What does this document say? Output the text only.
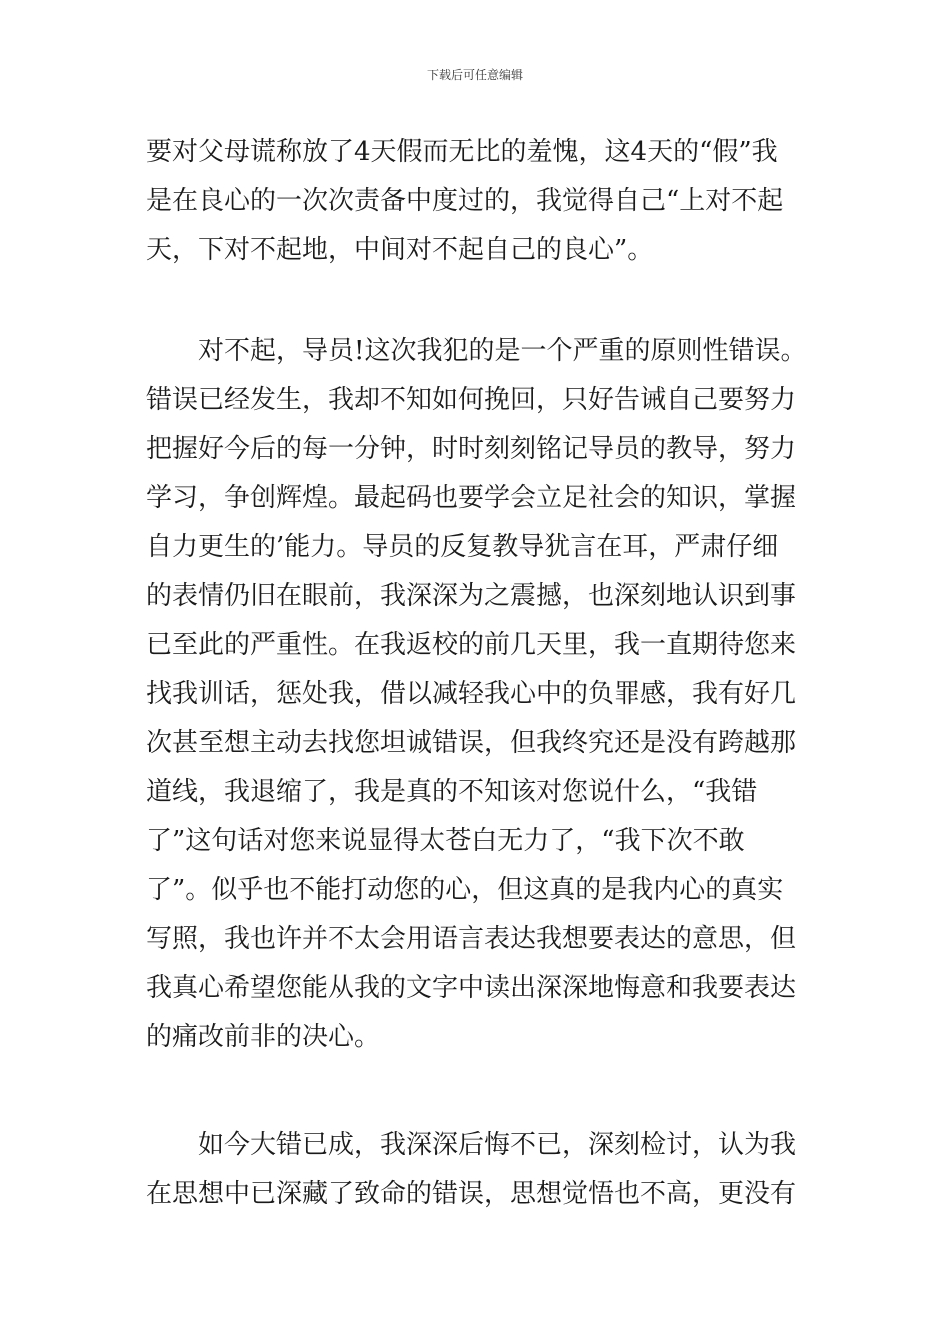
下载后可任意编辑
要对父母谎称放了4天假而无比的羞愧，这4天的“假”我
是在良心的一次次责备中度过的，我觉得自己“上对不起
天，下对不起地，中间对不起自己的良心”。
　　对不起，导员!这次我犯的是一个严重的原则性错误。
错误已经发生，我却不知如何挽回，只好告诫自己要努力
把握好今后的每一分钟，时时刻刻铭记导员的教导，努力
学习，争创辉煌。最起码也要学会立足社会的知识，掌握
自力更生的’能力。导员的反复教导犹言在耳，严肃仔细
的表情仍旧在眼前，我深深为之震撼，也深刻地认识到事
已至此的严重性。在我返校的前几天里，我一直期待您来
找我训话，惩处我，借以减轻我心中的负罪感，我有好几
次甚至想主动去找您坦诚错误，但我终究还是没有跨越那
道线，我退缩了，我是真的不知该对您说什么，“我错
了”这句话对您来说显得太苍白无力了，“我下次不敢
了”。似乎也不能打动您的心，但这真的是我内心的真实
写照，我也许并不太会用语言表达我想要表达的意思，但
我真心希望您能从我的文字中读出深深地悔意和我要表达
的痛改前非的决心。
　　如今大错已成，我深深后悔不已，深刻检讨，认为我
在思想中已深藏了致命的错误，思想觉悟也不高，更没有
